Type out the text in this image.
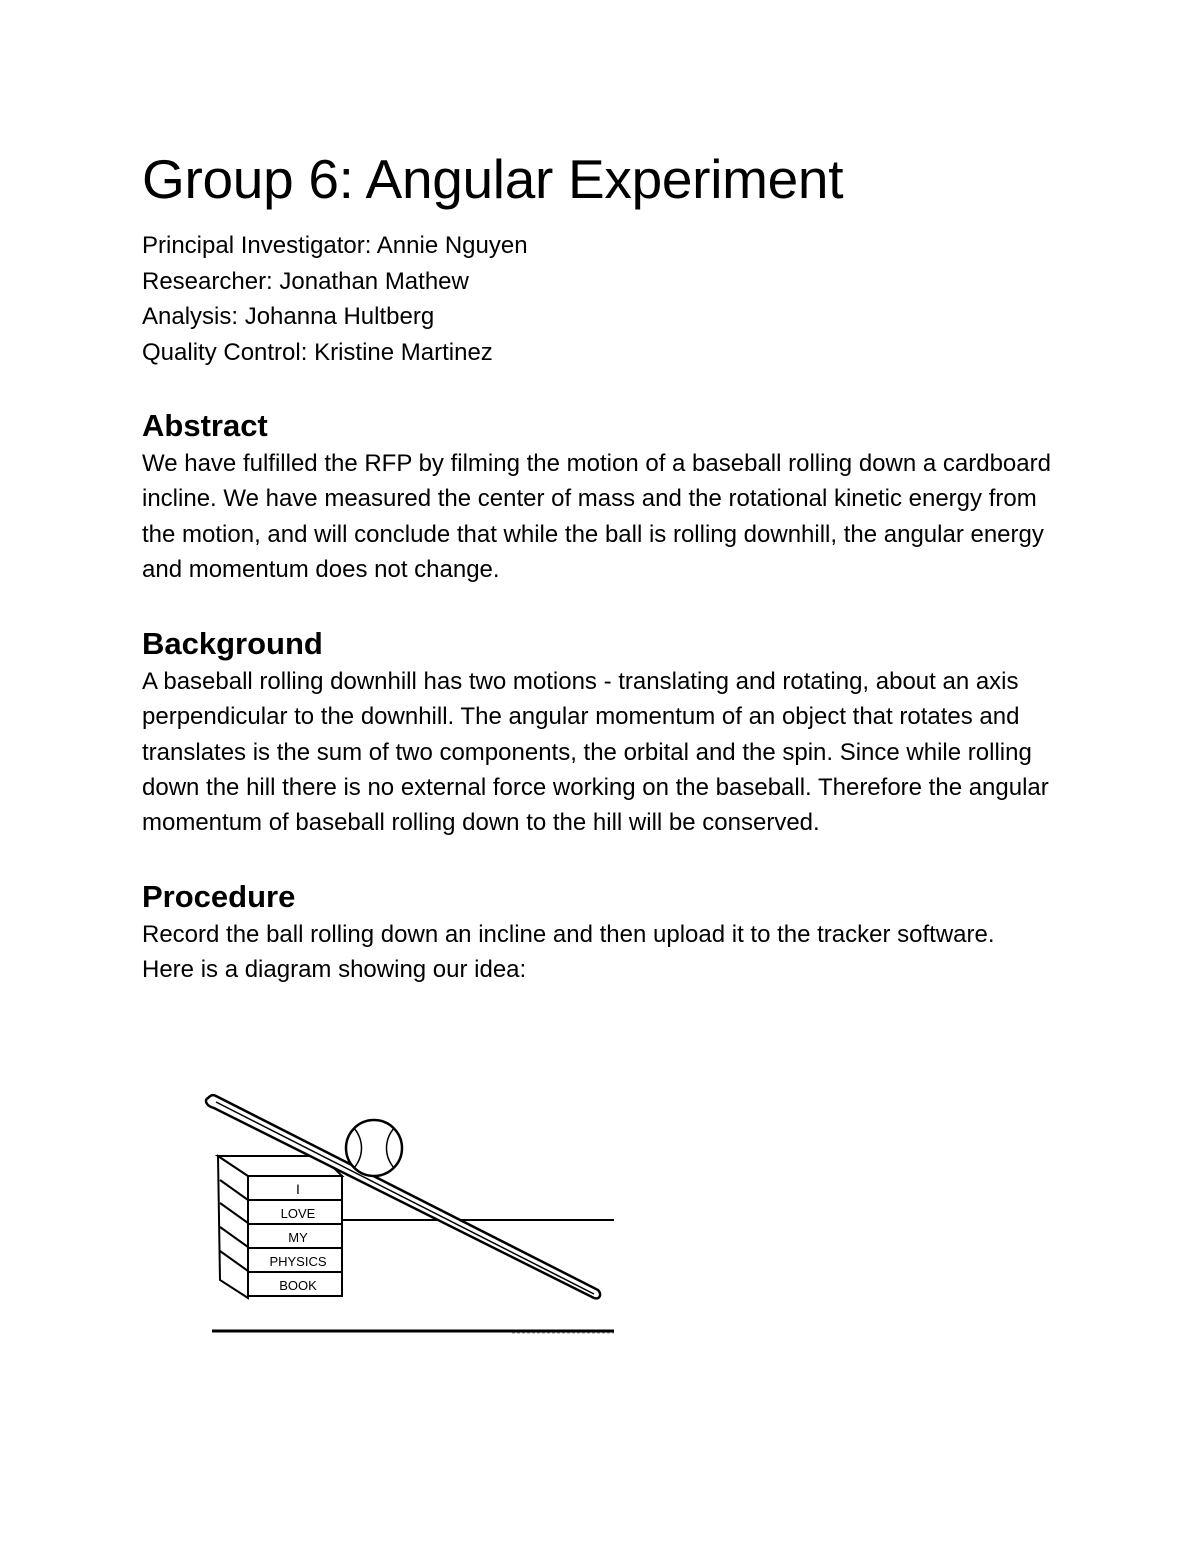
Group 6: Angular Experiment
Principal Investigator: Annie Nguyen
Researcher: Jonathan Mathew
Analysis: Johanna Hultberg
Quality Control: Kristine Martinez
Abstract

We have fulfilled the RFP by filming the motion of a baseball rolling down a cardboard incline. We have measured the center of mass and the rotational kinetic energy from the motion, and will conclude that while the ball is rolling downhill, the angular energy and momentum does not change.

Background

A baseball rolling downhill has two motions - translating and rotating, about an axis perpendicular to the downhill. The angular momentum of an object that rotates and translates is the sum of two components, the orbital and the spin. Since while rolling down the hill there is no external force working on the baseball. Therefore the angular momentum of baseball rolling down to the hill will be conserved.

Procedure

Record the ball rolling down an incline and then upload it to the tracker software.

Here is a diagram showing our idea:

I
LOVE
MY
PHYSICS
BOOK
